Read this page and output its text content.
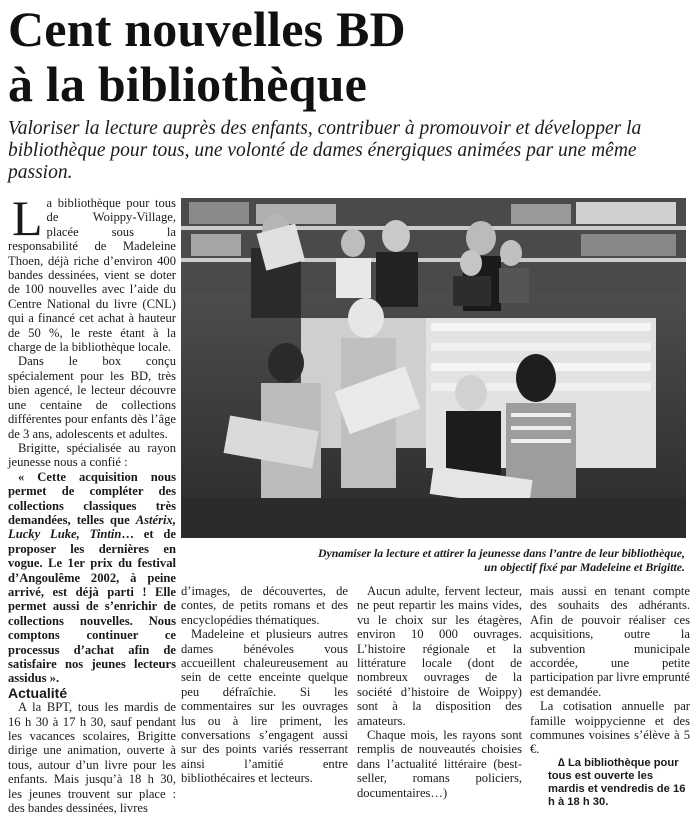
Cent nouvelles BD
à la bibliothèque

Valoriser la lecture auprès des enfants, contribuer à promouvoir et développer la bibliothèque pour tous, une volonté de dames énergiques animées par une même passion.

La bibliothèque pour tous de Woippy-Village, placée sous la responsabilité de Madeleine Thoen, déjà riche d’environ 400 bandes dessinées, vient se doter de 100 nouvelles avec l’aide du Centre National du livre (CNL) qui a financé cet achat à hauteur de 50 %, le reste étant à la charge de la bibliothèque locale.

Dans le box conçu spécialement pour les BD, très bien agencé, le lecteur découvre une centaine de collections différentes pour enfants dès l’âge de 3 ans, adolescents et adultes.

Brigitte, spécialisée au rayon jeunesse nous a confié :

« Cette acquisition nous permet de compléter des collections classiques très demandées, telles que Astérix, Lucky Luke, Tintin… et de proposer les dernières en vogue. Le 1er prix du festival d’Angoulême 2002, à peine arrivé, est déjà parti ! Elle permet aussi de s’enrichir de collections nouvelles. Nous comptons continuer ce processus d’achat afin de satisfaire nos jeunes lecteurs assidus ».

Actualité

A la BPT, tous les mardis de 16 h 30 à 17 h 30, sauf pendant les vacances scolaires, Brigitte dirige une animation, ouverte à tous, autour d’un livre pour les enfants. Mais jusqu’à 18 h 30, les jeunes trouvent sur place : des bandes dessinées, livres

Dynamiser la lecture et attirer la jeunesse dans l’antre de leur bibliothèque,
un objectif fixé par Madeleine et Brigitte.

d’images, de découvertes, de contes, de petits romans et des encyclopédies thématiques.

Madeleine et plusieurs autres dames bénévoles vous accueillent chaleureusement au sein de cette enceinte quelque peu défraîchie. Si les commentaires sur les ouvrages lus ou à lire priment, les conversations s’engagent aussi sur des points variés resserrant ainsi l’amitié entre bibliothécaires et lecteurs.

Aucun adulte, fervent lecteur, ne peut repartir les mains vides, vu le choix sur les étagères, environ 10 000 ouvrages. L’histoire régionale et la littérature locale (dont de nombreux ouvrages de la société d’histoire de Woippy) sont à la disposition des amateurs.

Chaque mois, les rayons sont remplis de nouveautés choisies dans l’actualité littéraire (best-seller, romans policiers, documentaires…)

mais aussi en tenant compte des souhaits des adhérants. Afin de pouvoir réaliser ces acquisitions, outre la subvention municipale accordée, une petite participation par livre emprunté est demandée.

La cotisation annuelle par famille woippycienne et des communes voisines s’élève à 5 €.

∆ La bibliothèque pour tous est ouverte les mardis et vendredis de 16 h à 18 h 30.
